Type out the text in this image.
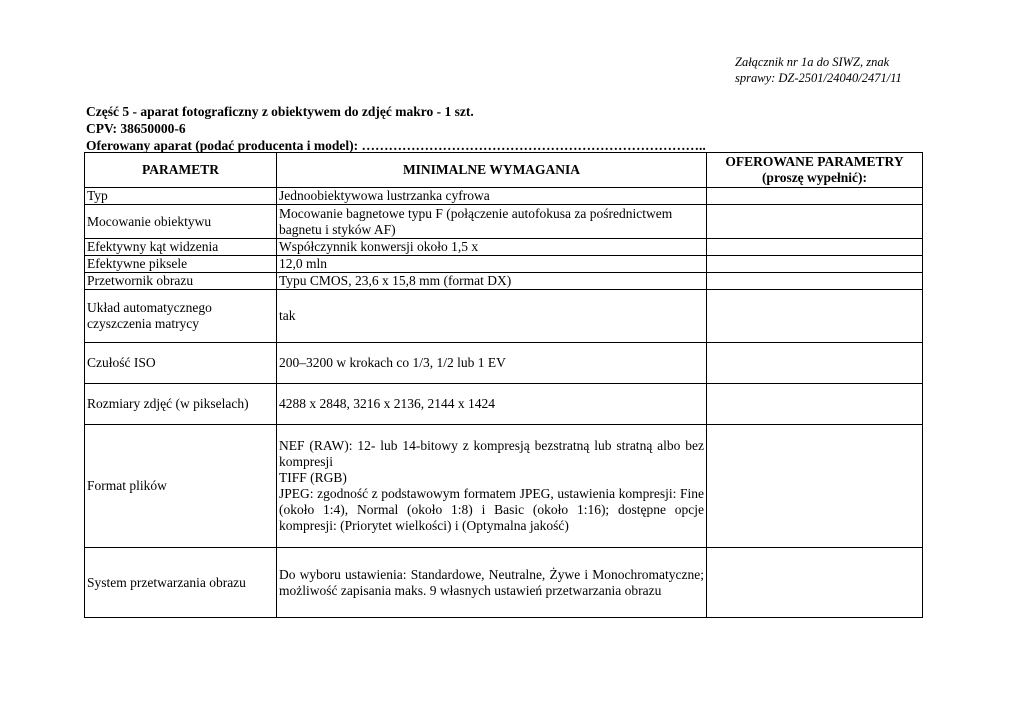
Załącznik nr 1a do SIWZ, znak
sprawy: DZ-2501/24040/2471/11
Część 5 - aparat fotograficzny z obiektywem do zdjęć makro - 1 szt.
CPV: 38650000-6
Oferowany aparat (podać producenta i model): …………………………………………………………………..
PARAMETR	MINIMALNE WYMAGANIA	OFEROWANE PARAMETRY
(proszę wypełnić):

Typ	Jednoobiektywowa lustrzanka cyfrowa	
Mocowanie obiektywu	Mocowanie bagnetowe typu F (połączenie autofokusa za pośrednictwem
bagnetu i styków AF)	

Efektywny kąt widzenia	Współczynnik konwersji około 1,5 x	
Efektywne piksele	12,0 mln	
Przetwornik obrazu	Typu CMOS, 23,6 x 15,8 mm (format DX)	

Układ automatycznego
czyszczenia matrycy	tak	
Czułość ISO	200–3200 w krokach co 1/3, 1/2 lub 1 EV	
Rozmiary zdjęć (w pikselach)	4288 x 2848, 3216 x 2136, 2144 x 1424	
Format plików	NEF (RAW): 12- lub 14-bitowy z kompresją bezstratną lub stratną albo bez kompresji
TIFF (RGB)
JPEG: zgodność z podstawowym formatem JPEG, ustawienia kompresji: Fine (około 1:4), Normal (około 1:8) i Basic (około 1:16); dostępne opcje kompresji: (Priorytet wielkości) i (Optymalna jakość)	

System przetwarzania obrazu	Do wyboru ustawienia: Standardowe, Neutralne, Żywe i Monochromatyczne; możliwość zapisania maks. 9 własnych ustawień przetwarzania obrazu	
